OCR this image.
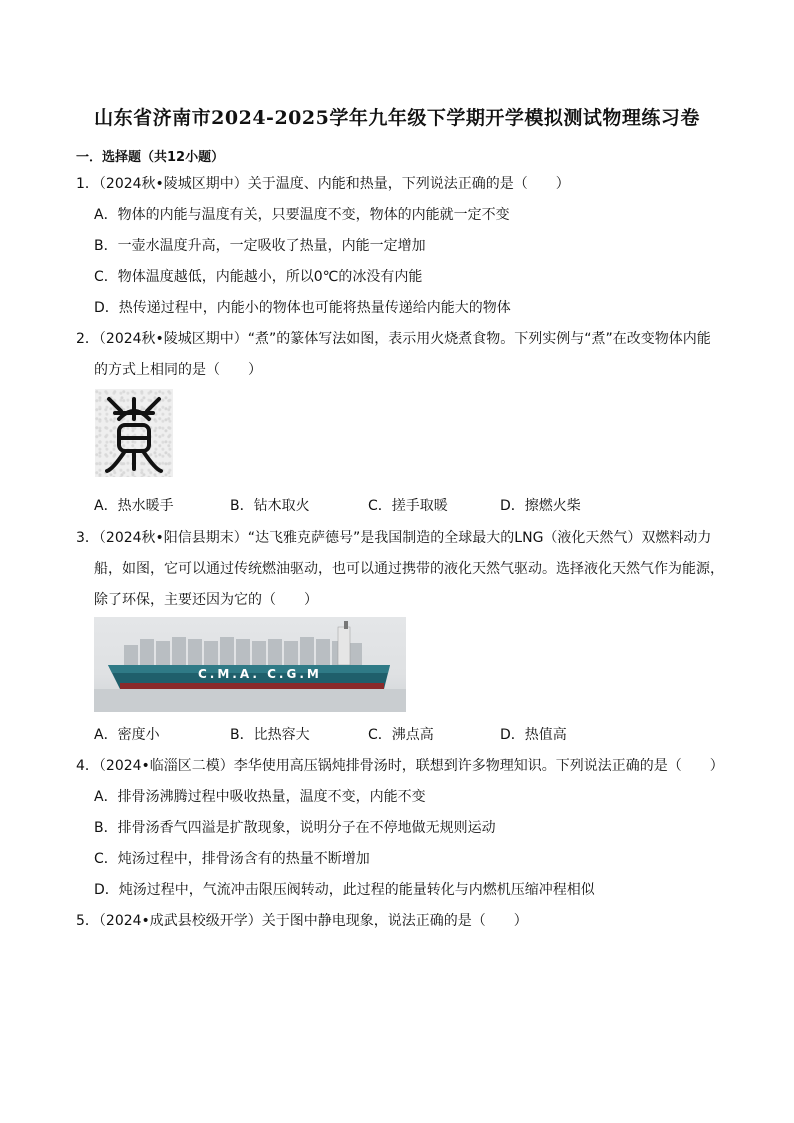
山东省济南市2024-2025学年九年级下学期开学模拟测试物理练习卷
一．选择题（共12小题）
1．（2024秋•陵城区期中）关于温度、内能和热量，下列说法正确的是（　　）
A．物体的内能与温度有关，只要温度不变，物体的内能就一定不变
B．一壶水温度升高，一定吸收了热量，内能一定增加
C．物体温度越低，内能越小，所以0℃的冰没有内能
D．热传递过程中，内能小的物体也可能将热量传递给内能大的物体
2．（2024秋•陵城区期中）“煮”的篆体写法如图，表示用火烧煮食物。下列实例与“煮”在改变物体内能
的方式上相同的是（　　）
A．热水暖手	B．钻木取火	C．搓手取暖	D．擦燃火柴
3．（2024秋•阳信县期末）“达飞雅克萨德号”是我国制造的全球最大的LNG（液化天然气）双燃料动力
船，如图，它可以通过传统燃油驱动，也可以通过携带的液化天然气驱动。选择液化天然气作为能源，
除了环保，主要还因为它的（　　）
C.M.A. C.G.M
A．密度小	B．比热容大	C．沸点高	D．热值高
4．（2024•临淄区二模）李华使用高压锅炖排骨汤时，联想到许多物理知识。下列说法正确的是（　　）
A．排骨汤沸腾过程中吸收热量，温度不变，内能不变
B．排骨汤香气四溢是扩散现象，说明分子在不停地做无规则运动
C．炖汤过程中，排骨汤含有的热量不断增加
D．炖汤过程中，气流冲击限压阀转动，此过程的能量转化与内燃机压缩冲程相似
5．（2024•成武县校级开学）关于图中静电现象，说法正确的是（　　）
